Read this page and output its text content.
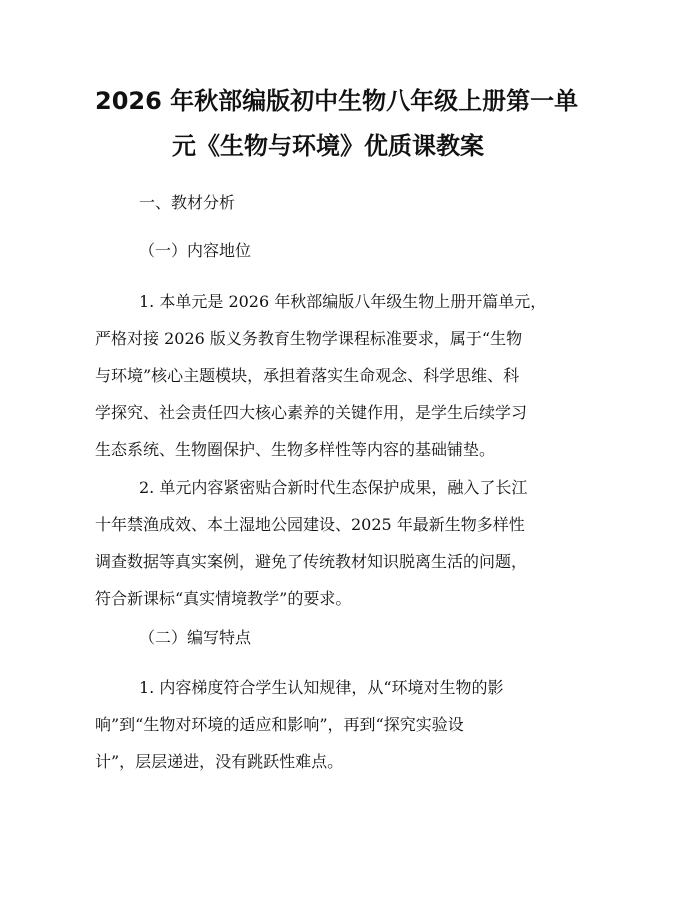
2026 年秋部编版初中生物八年级上册第一单
元《生物与环境》优质课教案
一、教材分析
（一）内容地位
1. 本单元是 2026 年秋部编版八年级生物上册开篇单元，
严格对接 2026 版义务教育生物学课程标准要求，属于“生物
与环境”核心主题模块，承担着落实生命观念、科学思维、科
学探究、社会责任四大核心素养的关键作用，是学生后续学习
生态系统、生物圈保护、生物多样性等内容的基础铺垫。
2. 单元内容紧密贴合新时代生态保护成果，融入了长江
十年禁渔成效、本土湿地公园建设、2025 年最新生物多样性
调查数据等真实案例，避免了传统教材知识脱离生活的问题，
符合新课标“真实情境教学”的要求。
（二）编写特点
1. 内容梯度符合学生认知规律，从“环境对生物的影
响”到“生物对环境的适应和影响”，再到“探究实验设
计”，层层递进，没有跳跃性难点。
